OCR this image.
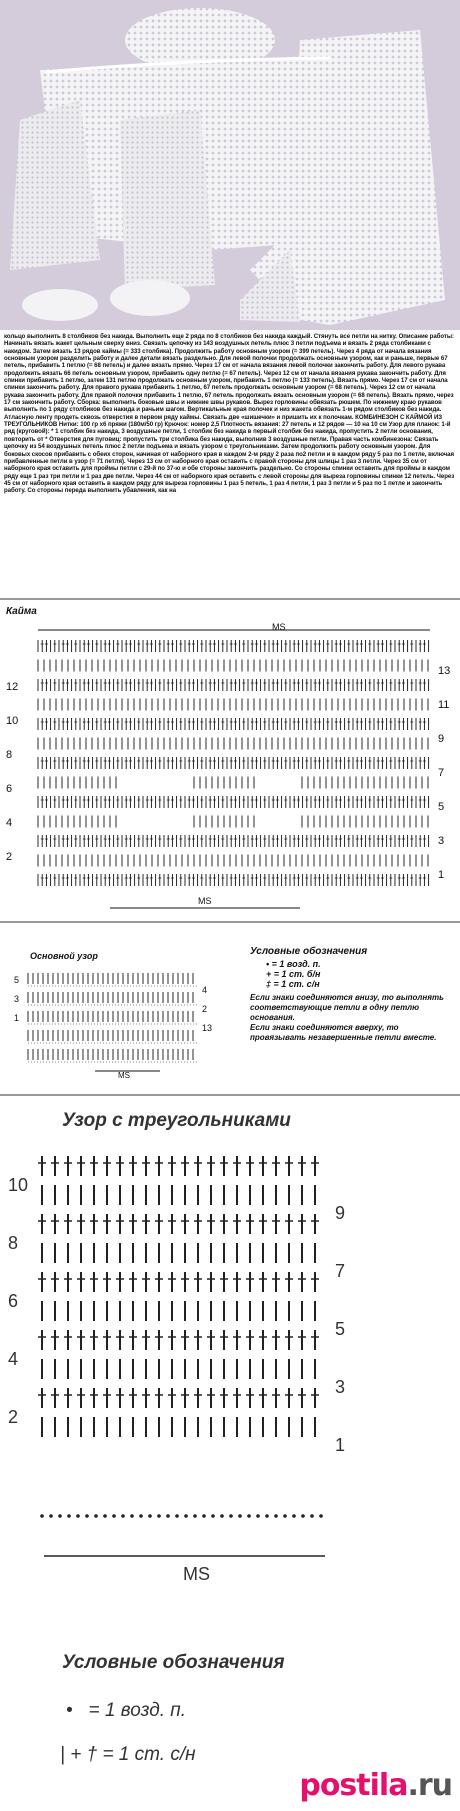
кольцо выполнить 8 столбиков без накида. Выполнить еще 2 ряда по 8 столбиков без накида каждый. Стянуть все петли на нитку. Описание работы: Начинать вязать жакет цельным сверху вниз. Связать цепочку из 143 воздушных петель плюс 3 петли подъема и вязать 2 ряда столбиками с накидом. Затем вязать 13 рядов каймы (= 333 столбика). Продолжить работу основным узором (= 399 петель). Через 4 ряда от начала вязания основным узором разделить работу и далее детали вязать раздельно. Для левой полочки продолжать основным узором, как и раньше, первые 67 петель, прибавить 1 петлю (= 68 петель) и далее вязать прямо. Через 17 см от начала вязания левой полочки закончить работу. Для левого рукава продолжить вязать 66 петель основным узором, прибавить одну петлю (= 67 петель). Через 12 см от начала вязания рукава закончить работу. Для спинки прибавить 1 петлю, затем 131 петлю продолжать основным узором, прибавить 1 петлю (= 133 петель). Вязать прямо. Через 17 см от начала спинки закончить работу. Для правого рукава прибавить 1 петлю, 67 петель продолжать основным узором (= 68 петель). Через 12 см от начала рукава закончить работу. Для правой полочки прибавить 1 петлю, 67 петель продолжать вязать основным узором (= 68 петель). Вязать прямо, через 17 см закончить работу. Сборка: выполнить боковые швы и нижние швы рукавов. Вырез горловины обвязать рюшем. По нижнему краю рукавов выполнить по 1 ряду столбиков без накида и рачьим шагом. Вертикальные края полочек и низ жакета обвязать 1-м рядом столбиков без накида. Атласную ленту продеть сквозь отверстия в первом ряду каймы. Связать две «шишечки» и пришить их к полочкам. КОМБИНЕЗОН С КАЙМОЙ ИЗ ТРЕУГОЛЬНИКОВ Нитки: 100 гр х6 пряжи (180м/50 гр) Крючок: номер 2,5 Плотность вязания: 27 петель и 12 рядов — 10 на 10 см Узор для планок: 1-й ряд (круговой): * 1 столбик без накида, 3 воздушные петли, 1 столбик без накида в первый столбик без накида, пропустить 2 петли основания, повторить от * Отверстия для пуговиц: пропустить три столбика без накида, выполнив 3 воздушные петли. Правая часть комбинезона: Связать цепочку из 54 воздушных петель плюс 2 петли подъема и вязать узором с треугольниками. Затем продолжить работу основным узором. Для боковых скосов прибавить с обеих сторон, начиная от наборного края в каждом 2-м ряду 2 раза по2 петли и в каждом ряду 5 раз по 1 петле, включая прибавленные петли в узор (= 71 петля). Через 13 см от наборного края оставить с правой стороны для шлицы 1 раз 3 петли. Через 35 см от наборного края оставить для проймы петли с 29-й по 37-ю и обе стороны закончить раздельно. Со стороны спинки оставить для проймы в каждом ряду еще 1 раз три петли и 1 раз две петли. Через 44 см от наборного края оставить с левой стороны для выреза горловины спинки 12 петель. Через 45 см от наборного края оставить в каждом ряду для выреза горловины 1 раз 5 петель, 1 раз 4 петли, 1 раз 3 петли и 5 раз по 1 петле и закончить работу. Со стороны переда выполнить убавления, как на

Кайма
12
10
8
6
4
2
13
11
9
7
5
3
1
MS
MS
Основной узор
5
3
1
4
2
13
MS
Условные обозначения
• = 1 возд. п.
+ = 1 ст. б/н
‡ = 1 ст. с/н
Если знаки соединяются внизу, то выполнять соответствующие петли в одну петлю основания.
Если знаки соединяются вверху, то провязывать незавершенные петли вместе.
Узор с треугольниками
10
8
6
4
2
9
7
5
3
1
MS
Условные обозначения
• = 1 возд. п.
| + † = 1 ст. с/н
postila.ru
